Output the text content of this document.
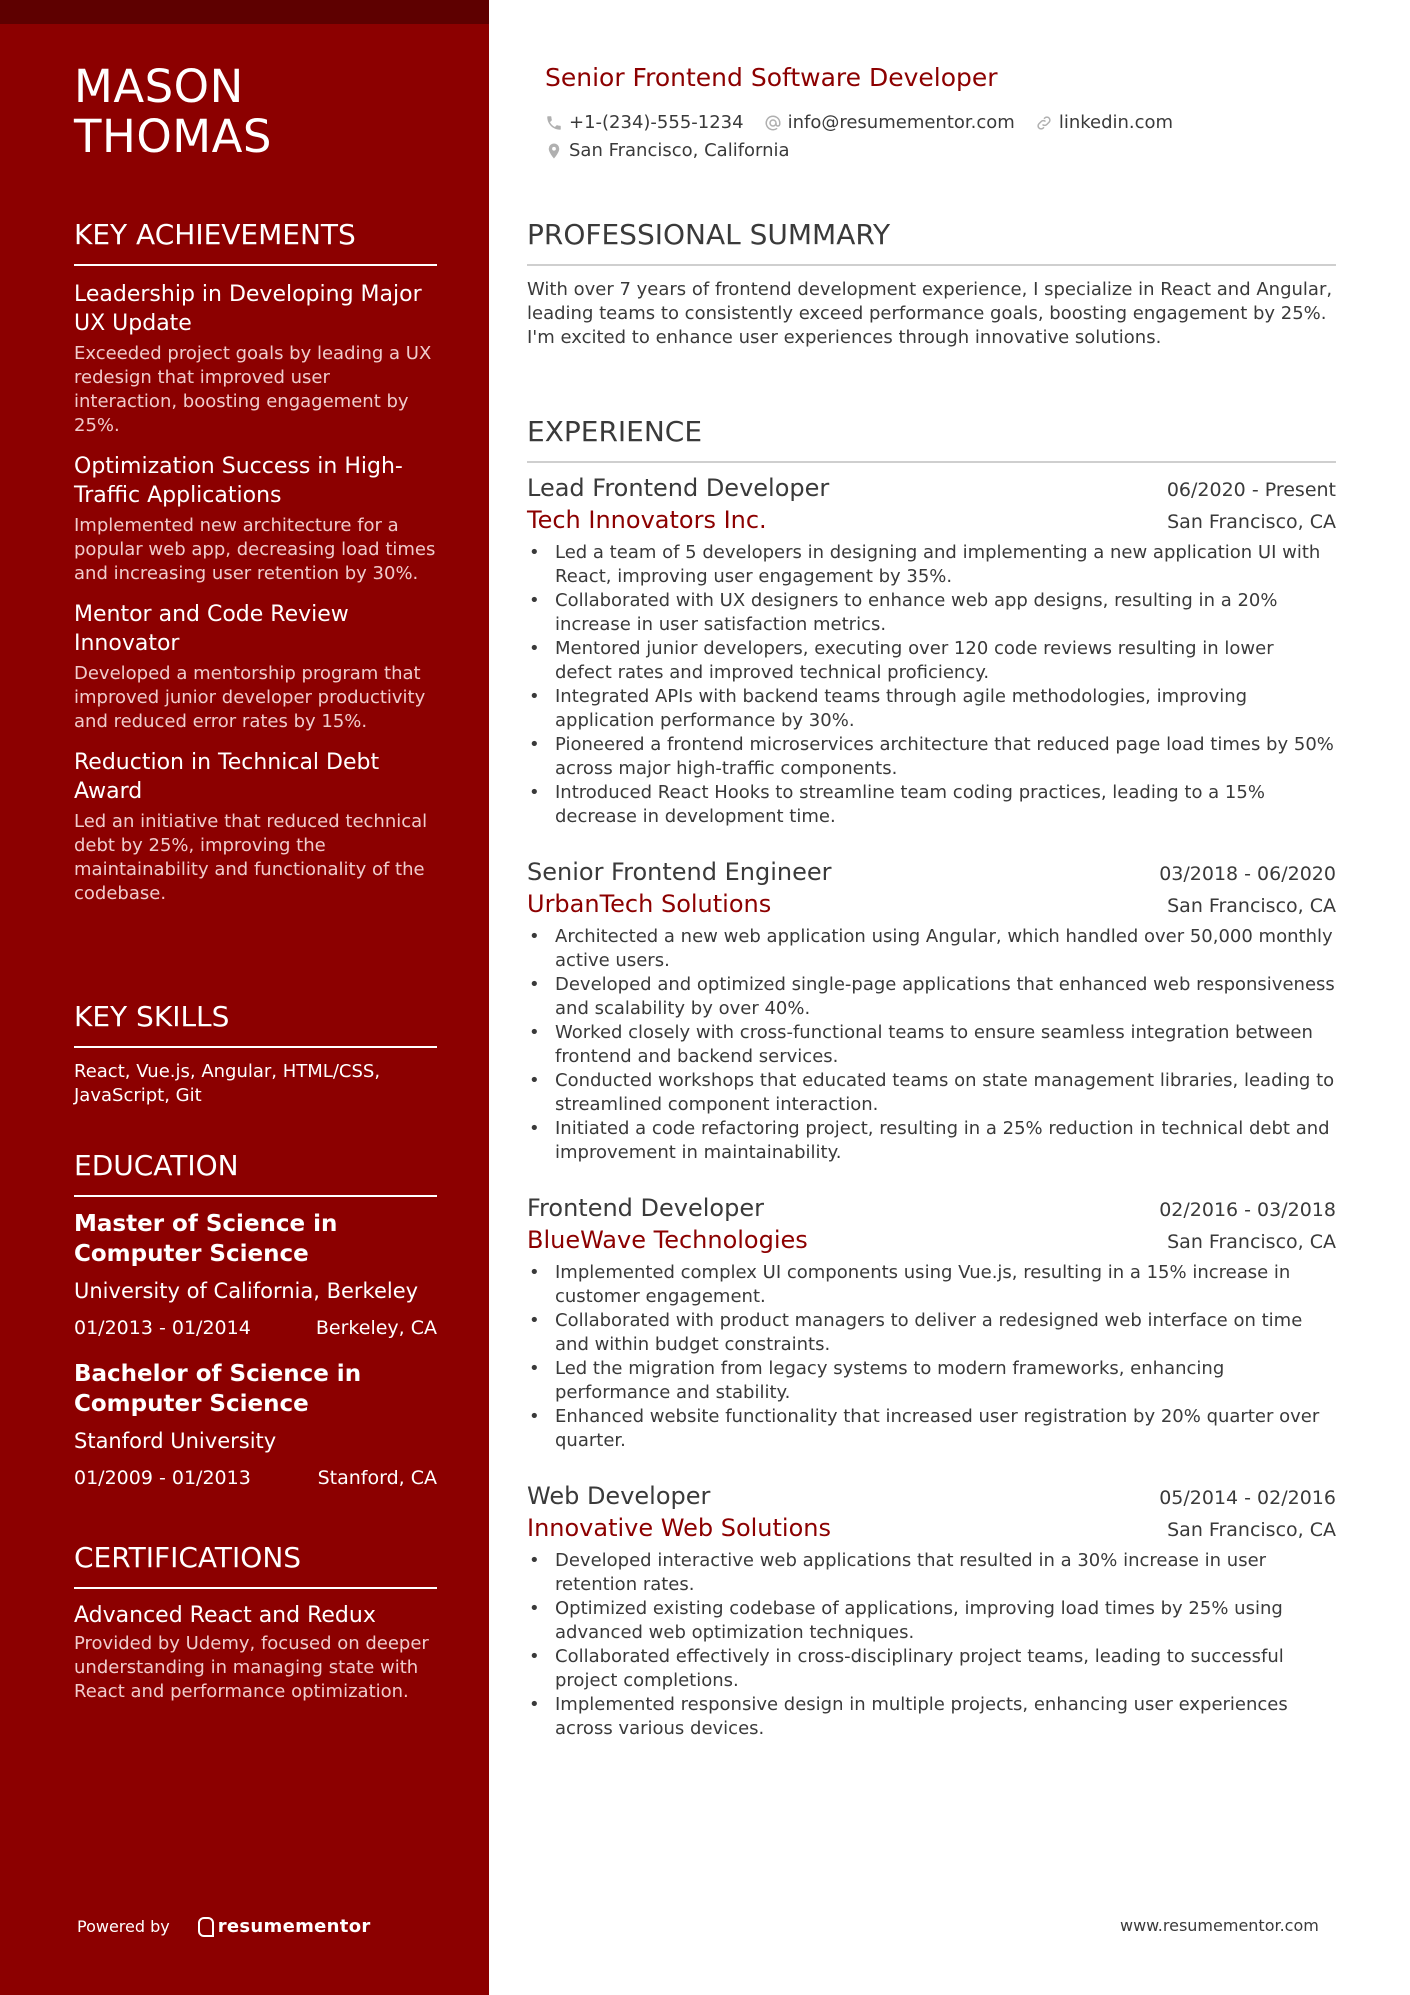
MASON
THOMAS
KEY ACHIEVEMENTS
Leadership in Developing Major UX Update
Exceeded project goals by leading a UX redesign that improved user interaction, boosting engagement by 25%.
Optimization Success in High-Traffic Applications
Implemented new architecture for a popular web app, decreasing load times and increasing user retention by 30%.
Mentor and Code Review Innovator
Developed a mentorship program that improved junior developer productivity and reduced error rates by 15%.
Reduction in Technical Debt Award
Led an initiative that reduced technical debt by 25%, improving the maintainability and functionality of the codebase.
KEY SKILLS
React, Vue.js, Angular, HTML/CSS, JavaScript, Git
EDUCATION
Master of Science in Computer Science
University of California, Berkeley
01/2013 - 01/2014	Berkeley, CA
Bachelor of Science in Computer Science
Stanford University
01/2009 - 01/2013	Stanford, CA
CERTIFICATIONS
Advanced React and Redux
Provided by Udemy, focused on deeper understanding in managing state with React and performance optimization.
Powered by	resumementor
Senior Frontend Software Developer
+1-(234)-555-1234 info@resumementor.com linkedin.com
San Francisco, California
PROFESSIONAL SUMMARY
With over 7 years of frontend development experience, I specialize in React and Angular, leading teams to consistently exceed performance goals, boosting engagement by 25%. I'm excited to enhance user experiences through innovative solutions.
EXPERIENCE
Lead Frontend Developer	06/2020 - Present
Tech Innovators Inc.	San Francisco, CA
• Led a team of 5 developers in designing and implementing a new application UI with React, improving user engagement by 35%.
• Collaborated with UX designers to enhance web app designs, resulting in a 20% increase in user satisfaction metrics.
• Mentored junior developers, executing over 120 code reviews resulting in lower defect rates and improved technical proficiency.
• Integrated APIs with backend teams through agile methodologies, improving application performance by 30%.
• Pioneered a frontend microservices architecture that reduced page load times by 50% across major high-traffic components.
• Introduced React Hooks to streamline team coding practices, leading to a 15% decrease in development time.
Senior Frontend Engineer	03/2018 - 06/2020
UrbanTech Solutions	San Francisco, CA
• Architected a new web application using Angular, which handled over 50,000 monthly active users.
• Developed and optimized single-page applications that enhanced web responsiveness and scalability by over 40%.
• Worked closely with cross-functional teams to ensure seamless integration between frontend and backend services.
• Conducted workshops that educated teams on state management libraries, leading to streamlined component interaction.
• Initiated a code refactoring project, resulting in a 25% reduction in technical debt and improvement in maintainability.
Frontend Developer	02/2016 - 03/2018
BlueWave Technologies	San Francisco, CA
• Implemented complex UI components using Vue.js, resulting in a 15% increase in customer engagement.
• Collaborated with product managers to deliver a redesigned web interface on time and within budget constraints.
• Led the migration from legacy systems to modern frameworks, enhancing performance and stability.
• Enhanced website functionality that increased user registration by 20% quarter over quarter.
Web Developer	05/2014 - 02/2016
Innovative Web Solutions	San Francisco, CA
• Developed interactive web applications that resulted in a 30% increase in user retention rates.
• Optimized existing codebase of applications, improving load times by 25% using advanced web optimization techniques.
• Collaborated effectively in cross-disciplinary project teams, leading to successful project completions.
• Implemented responsive design in multiple projects, enhancing user experiences across various devices.
www.resumementor.com
